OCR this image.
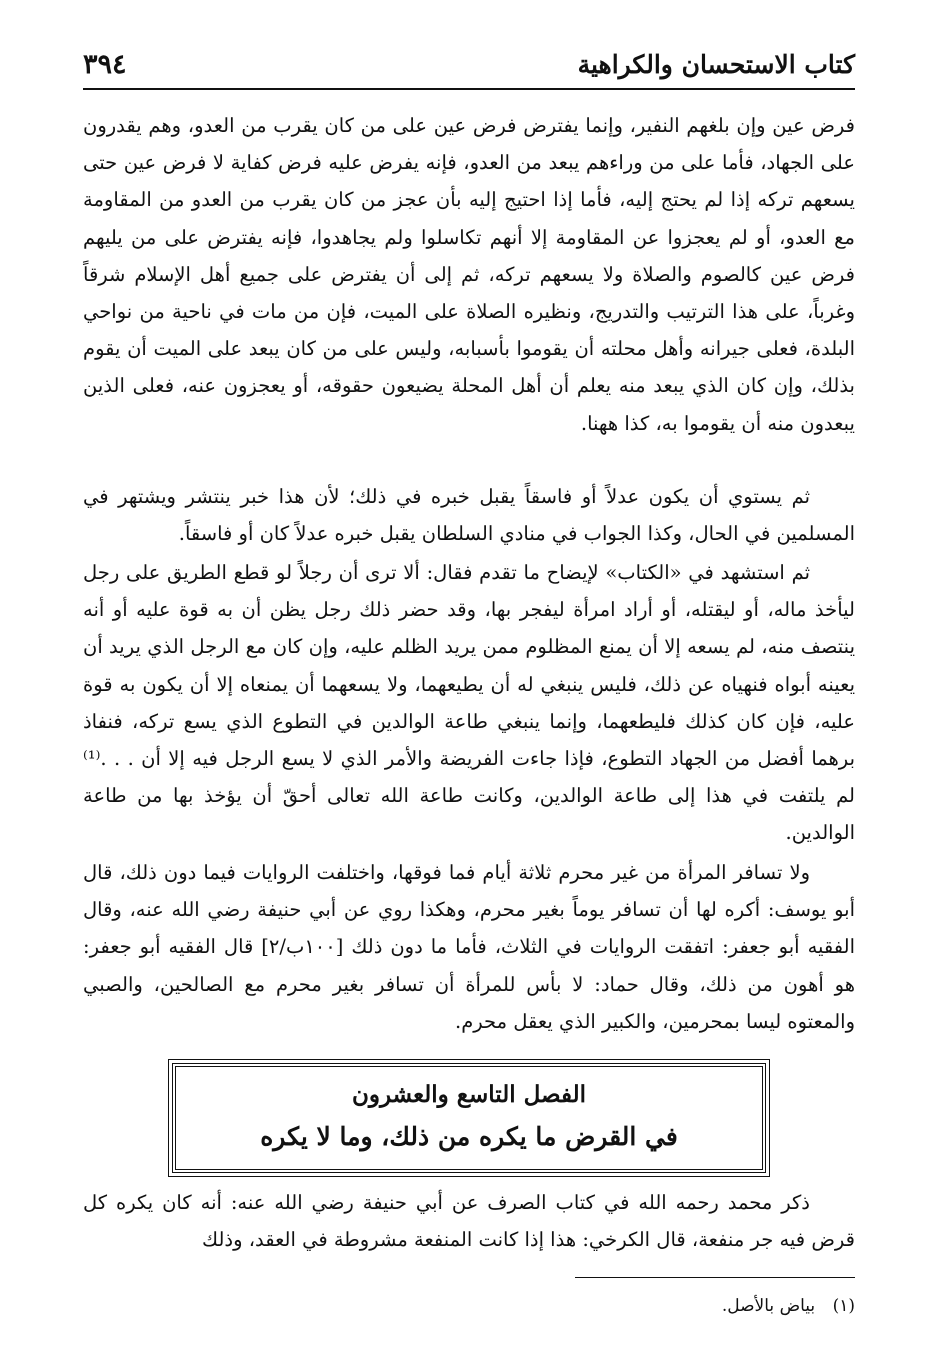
كتاب الاستحسان والكراهية
٣٩٤

فرض عين وإن بلغهم النفير، وإنما يفترض فرض عين على من كان يقرب من العدو، وهم يقدرون على الجهاد، فأما على من وراءهم يبعد من العدو، فإنه يفرض عليه فرض كفاية لا فرض عين حتى يسعهم تركه إذا لم يحتج إليه، فأما إذا احتيج إليه بأن عجز من كان يقرب من العدو من المقاومة مع العدو، أو لم يعجزوا عن المقاومة إلا أنهم تكاسلوا ولم يجاهدوا، فإنه يفترض على من يليهم فرض عين كالصوم والصلاة ولا يسعهم تركه، ثم إلى أن يفترض على جميع أهل الإسلام شرقاً وغرباً، على هذا الترتيب والتدريج، ونظيره الصلاة على الميت، فإن من مات في ناحية من نواحي البلدة، فعلى جيرانه وأهل محلته أن يقوموا بأسبابه، وليس على من كان يبعد على الميت أن يقوم بذلك، وإن كان الذي يبعد منه يعلم أن أهل المحلة يضيعون حقوقه، أو يعجزون عنه، فعلى الذين يبعدون منه أن يقوموا به، كذا ههنا.

ثم يستوي أن يكون عدلاً أو فاسقاً يقبل خبره في ذلك؛ لأن هذا خبر ينتشر ويشتهر في المسلمين في الحال، وكذا الجواب في منادي السلطان يقبل خبره عدلاً كان أو فاسقاً.

ثم استشهد في «الكتاب» لإيضاح ما تقدم فقال: ألا ترى أن رجلاً لو قطع الطريق على رجل ليأخذ ماله، أو ليقتله، أو أراد امرأة ليفجر بها، وقد حضر ذلك رجل يظن أن به قوة عليه أو أنه ينتصف منه، لم يسعه إلا أن يمنع المظلوم ممن يريد الظلم عليه، وإن كان مع الرجل الذي يريد أن يعينه أبواه فنهياه عن ذلك، فليس ينبغي له أن يطيعهما، ولا يسعهما أن يمنعاه إلا أن يكون به قوة عليه، فإن كان كذلك فليطعهما، وإنما ينبغي طاعة الوالدين في التطوع الذي يسع تركه، فنفاذ برهما أفضل من الجهاد التطوع، فإذا جاءت الفريضة والأمر الذي لا يسع الرجل فيه إلا أن . . .⁽¹⁾ لم يلتفت في هذا إلى طاعة الوالدين، وكانت طاعة الله تعالى أحقّ أن يؤخذ بها من طاعة الوالدين.

ولا تسافر المرأة من غير محرم ثلاثة أيام فما فوقها، واختلفت الروايات فيما دون ذلك، قال أبو يوسف: أكره لها أن تسافر يوماً بغير محرم، وهكذا روي عن أبي حنيفة رضي الله عنه، وقال الفقيه أبو جعفر: اتفقت الروايات في الثلاث، فأما ما دون ذلك [١٠٠ب/٢] قال الفقيه أبو جعفر: هو أهون من ذلك، وقال حماد: لا بأس للمرأة أن تسافر بغير محرم مع الصالحين، والصبي والمعتوه ليسا بمحرمين، والكبير الذي يعقل محرم.

الفصل التاسع والعشرون
في القرض ما يكره من ذلك، وما لا يكره

ذكر محمد رحمه الله في كتاب الصرف عن أبي حنيفة رضي الله عنه: أنه كان يكره كل قرض فيه جر منفعة، قال الكرخي: هذا إذا كانت المنفعة مشروطة في العقد، وذلك

(١) بياض بالأصل.
